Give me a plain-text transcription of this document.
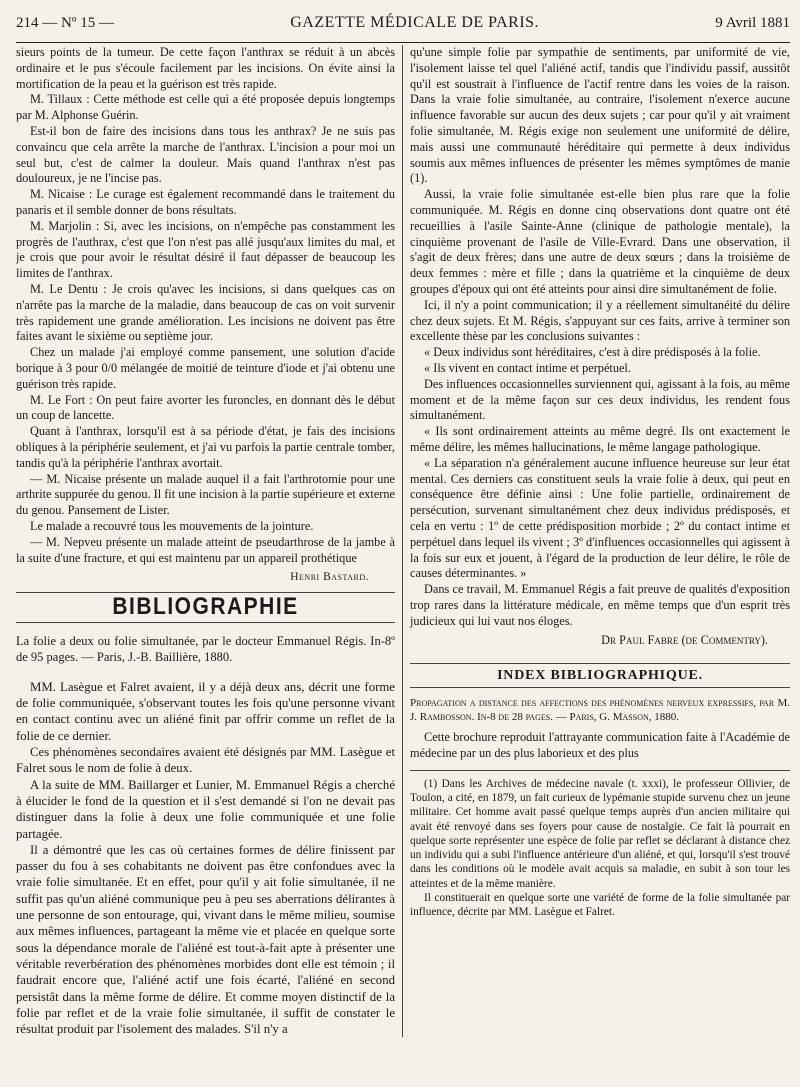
214 — Nº 15 —	GAZETTE MÉDICALE DE PARIS.	9 Avril 1881

sieurs points de la tumeur. De cette façon l'anthrax se réduit à un abcès ordinaire et le pus s'écoule facilement par les incisions. On évite ainsi la mortification de la peau et la guérison est très rapide.

M. Tillaux : Cette méthode est celle qui a été proposée depuis longtemps par M. Alphonse Guérin.

Est-il bon de faire des incisions dans tous les anthrax? Je ne suis pas convaincu que cela arrête la marche de l'anthrax. L'incision a pour moi un seul but, c'est de calmer la douleur. Mais quand l'anthrax n'est pas douloureux, je ne l'incise pas.

M. Nicaise : Le curage est également recommandé dans le traitement du panaris et il semble donner de bons résultats.

M. Marjolin : Si, avec les incisions, on n'empêche pas constamment les progrès de l'authrax, c'est que l'on n'est pas allé jusqu'aux limites du mal, et je crois que pour avoir le résultat désiré il faut dépasser de beaucoup les limites de l'anthrax.

M. Le Dentu : Je crois qu'avec les incisions, si dans quelques cas on n'arrête pas la marche de la maladie, dans beaucoup de cas on voit survenir très rapidement une grande amélioration. Les incisions ne doivent pas être faites avant le sixième ou septième jour.

Chez un malade j'ai employé comme pansement, une solution d'acide borique à 3 pour 0/0 mélangée de moitié de teinture d'iode et j'ai obtenu une guérison très rapide.

M. Le Fort : On peut faire avorter les furoncles, en donnant dès le début un coup de lancette.

Quant à l'anthrax, lorsqu'il est à sa période d'état, je fais des incisions obliques à la périphérie seulement, et j'ai vu parfois la partie centrale tomber, tandis qu'à la périphérie l'anthrax avortait.

— M. Nicaise présente un malade auquel il a fait l'arthrotomie pour une arthrite suppurée du genou. Il fit une incision à la partie supérieure et externe du genou. Pansement de Lister.

Le malade a recouvré tous les mouvements de la jointure.

— M. Nepveu présente un malade atteint de pseudarthrose de la jambe à la suite d'une fracture, et qui est maintenu par un appareil prothétique

Henri Bastard.
BIBLIOGRAPHIE

La folie a deux ou folie simultanée, par le docteur Emmanuel Régis. In-8º de 95 pages. — Paris, J.-B. Baillière, 1880.

MM. Lasègue et Falret avaient, il y a déjà deux ans, décrit une forme de folie communiquée, s'observant toutes les fois qu'une personne vivant en contact continu avec un aliéné finit par offrir comme un reflet de la folie de ce dernier.

Ces phénomènes secondaires avaient été désignés par MM. Lasègue et Falret sous le nom de folie à deux.

A la suite de MM. Baillarger et Lunier, M. Emmanuel Régis a cherché à élucider le fond de la question et il s'est demandé si l'on ne devait pas distinguer dans la folie à deux une folie communiquée et une folie partagée.

Il a démontré que les cas où certaines formes de délire finissent par passer du fou à ses cohabitants ne doivent pas être confondues avec la vraie folie simultanée. Et en effet, pour qu'il y ait folie simultanée, il ne suffit pas qu'un aliéné communique peu à peu ses aberrations délirantes à une personne de son entourage, qui, vivant dans le même milieu, soumise aux mêmes influences, partageant la même vie et placée en quelque sorte sous la dépendance morale de l'aliéné est tout-à-fait apte à présenter une véritable reverbération des phénomènes morbides dont elle est témoin ; il faudrait encore que, l'aliéné actif une fois écarté, l'aliéné en second persistât dans la même forme de délire. Et comme moyen distinctif de la folie par reflet et de la vraie folie simultanée, il suffit de constater le résultat produit par l'isolement des malades. S'il n'y a

qu'une simple folie par sympathie de sentiments, par uniformité de vie, l'isolement laisse tel quel l'aliéné actif, tandis que l'individu passif, aussitôt qu'il est soustrait à l'influence de l'actif rentre dans les voies de la raison. Dans la vraie folie simultanée, au contraire, l'isolement n'exerce aucune influence favorable sur aucun des deux sujets ; car pour qu'il y ait vraiment folie simultanée, M. Régis exige non seulement une uniformité de délire, mais aussi une communauté héréditaire qui permette à deux individus soumis aux mêmes influences de présenter les mêmes symptômes de manie (1).

Aussi, la vraie folie simultanée est-elle bien plus rare que la folie communiquée. M. Régis en donne cinq observations dont quatre ont été recueillies à l'asile Sainte-Anne (clinique de pathologie mentale), la cinquième provenant de l'asile de Ville-Evrard. Dans une observation, il s'agit de deux frères; dans une autre de deux sœurs ; dans la troisième de deux femmes : mère et fille ; dans la quatrième et la cinquième de deux groupes d'époux qui ont été atteints pour ainsi dire simultanément de folie.

Ici, il n'y a point communication; il y a réellement simultanéité du délire chez deux sujets. Et M. Régis, s'appuyant sur ces faits, arrive à terminer son excellente thèse par les conclusions suivantes :

« Deux individus sont héréditaires, c'est à dire prédisposés à la folie.

« Ils vivent en contact intime et perpétuel.

Des influences occasionnelles surviennent qui, agissant à la fois, au même moment et de la même façon sur ces deux individus, les rendent fous simultanément.

« Ils sont ordinairement atteints au même degré. Ils ont exactement le même délire, les mêmes hallucinations, le même langage pathologique.

« La séparation n'a généralement aucune influence heureuse sur leur état mental. Ces derniers cas constituent seuls la vraie folie à deux, qui peut en conséquence être définie ainsi : Une folie partielle, ordinairement de persécution, survenant simultanément chez deux individus prédisposés, et cela en vertu : 1º de cette prédisposition morbide ; 2º du contact intime et perpétuel dans lequel ils vivent ; 3º d'influences occasionnelles qui agissent à la fois sur eux et jouent, à l'égard de la production de leur délire, le rôle de causes déterminantes. »

Dans ce travail, M. Emmanuel Régis a fait preuve de qualités d'exposition trop rares dans la littérature médicale, en même temps que d'un esprit très judicieux qui lui vaut nos éloges.

Dr Paul Fabre (de Commentry).
INDEX BIBLIOGRAPHIQUE.

Propagation a distance des affections des phénomènes nerveux expressifs, par M. J. Rambosson. In-8 de 28 pages. — Paris, G. Masson, 1880.

Cette brochure reproduit l'attrayante communication faite à l'Académie de médecine par un des plus laborieux et des plus

(1) Dans les Archives de médecine navale (t. xxxi), le professeur Ollivier, de Toulon, a cité, en 1879, un fait curieux de lypémanie stupide survenu chez un jeune militaire. Cet homme avait passé quelque temps auprès d'un ancien militaire qui avait été renvoyé dans ses foyers pour cause de nostalgie. Ce fait là pourrait en quelque sorte représenter une espèce de folie par reflet se déclarant à distance chez un individu qui a subi l'influence antérieure d'un aliéné, et qui, lorsqu'il s'est trouvé dans les conditions où le modèle avait acquis sa maladie, en subit à son tour les atteintes et de la même manière.

Il constituerait en quelque sorte une variété de forme de la folie simultanée par influence, décrite par MM. Lasègue et Falret.
